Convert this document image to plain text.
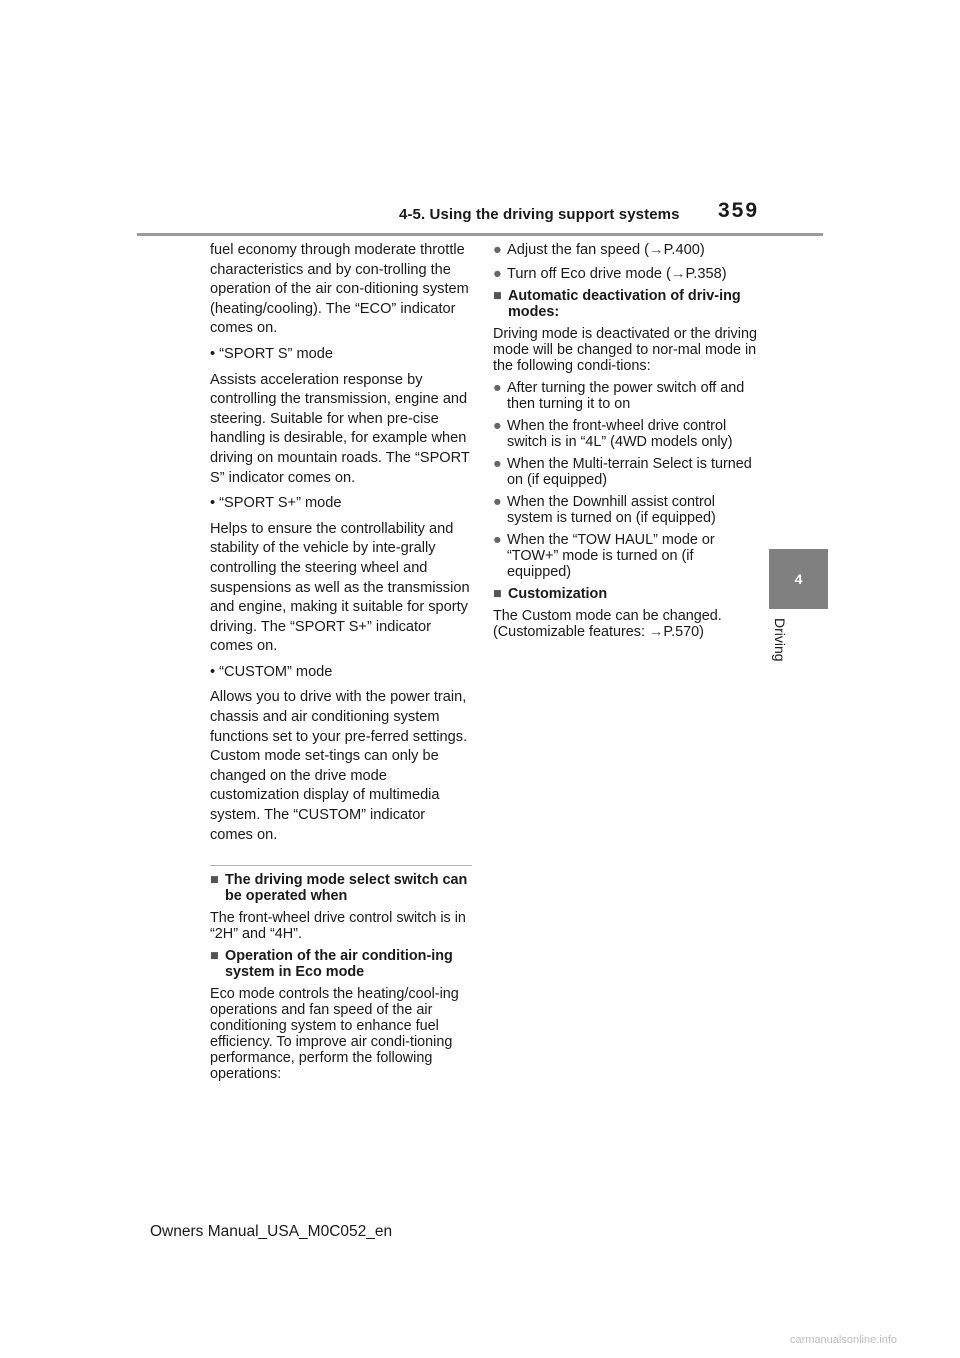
4-5. Using the driving support systems 359
4
Driving

fuel economy through moderate throttle characteristics and by con-trolling the operation of the air con-ditioning system (heating/cooling). The “ECO” indicator comes on.

• “SPORT S” mode

Assists acceleration response by controlling the transmission, engine and steering. Suitable for when pre-cise handling is desirable, for example when driving on mountain roads. The “SPORT S” indicator comes on.

• “SPORT S+” mode

Helps to ensure the controllability and stability of the vehicle by inte-grally controlling the steering wheel and suspensions as well as the transmission and engine, making it suitable for sporty driving. The “SPORT S+” indicator comes on.

• “CUSTOM” mode

Allows you to drive with the power train, chassis and air conditioning system functions set to your pre-ferred settings. Custom mode set-tings can only be changed on the drive mode customization display of multimedia system. The “CUSTOM” indicator comes on.

■ The driving mode select switch can be operated when

The front-wheel drive control switch is in “2H” and “4H”.

■ Operation of the air condition-ing system in Eco mode

Eco mode controls the heating/cool-ing operations and fan speed of the air conditioning system to enhance fuel efficiency. To improve air condi-tioning performance, perform the following operations:

● Adjust the fan speed (→P.400)
● Turn off Eco drive mode (→P.358)
■ Automatic deactivation of driv-ing modes:

Driving mode is deactivated or the driving mode will be changed to nor-mal mode in the following condi-tions:

● After turning the power switch off and then turning it to on
● When the front-wheel drive control switch is in “4L” (4WD models only)
● When the Multi-terrain Select is turned on (if equipped)
● When the Downhill assist control system is turned on (if equipped)
● When the “TOW HAUL” mode or “TOW+” mode is turned on (if equipped)
■ Customization

The Custom mode can be changed.
(Customizable features: →P.570)

Owners Manual_USA_M0C052_en
carmanualsonline.info
